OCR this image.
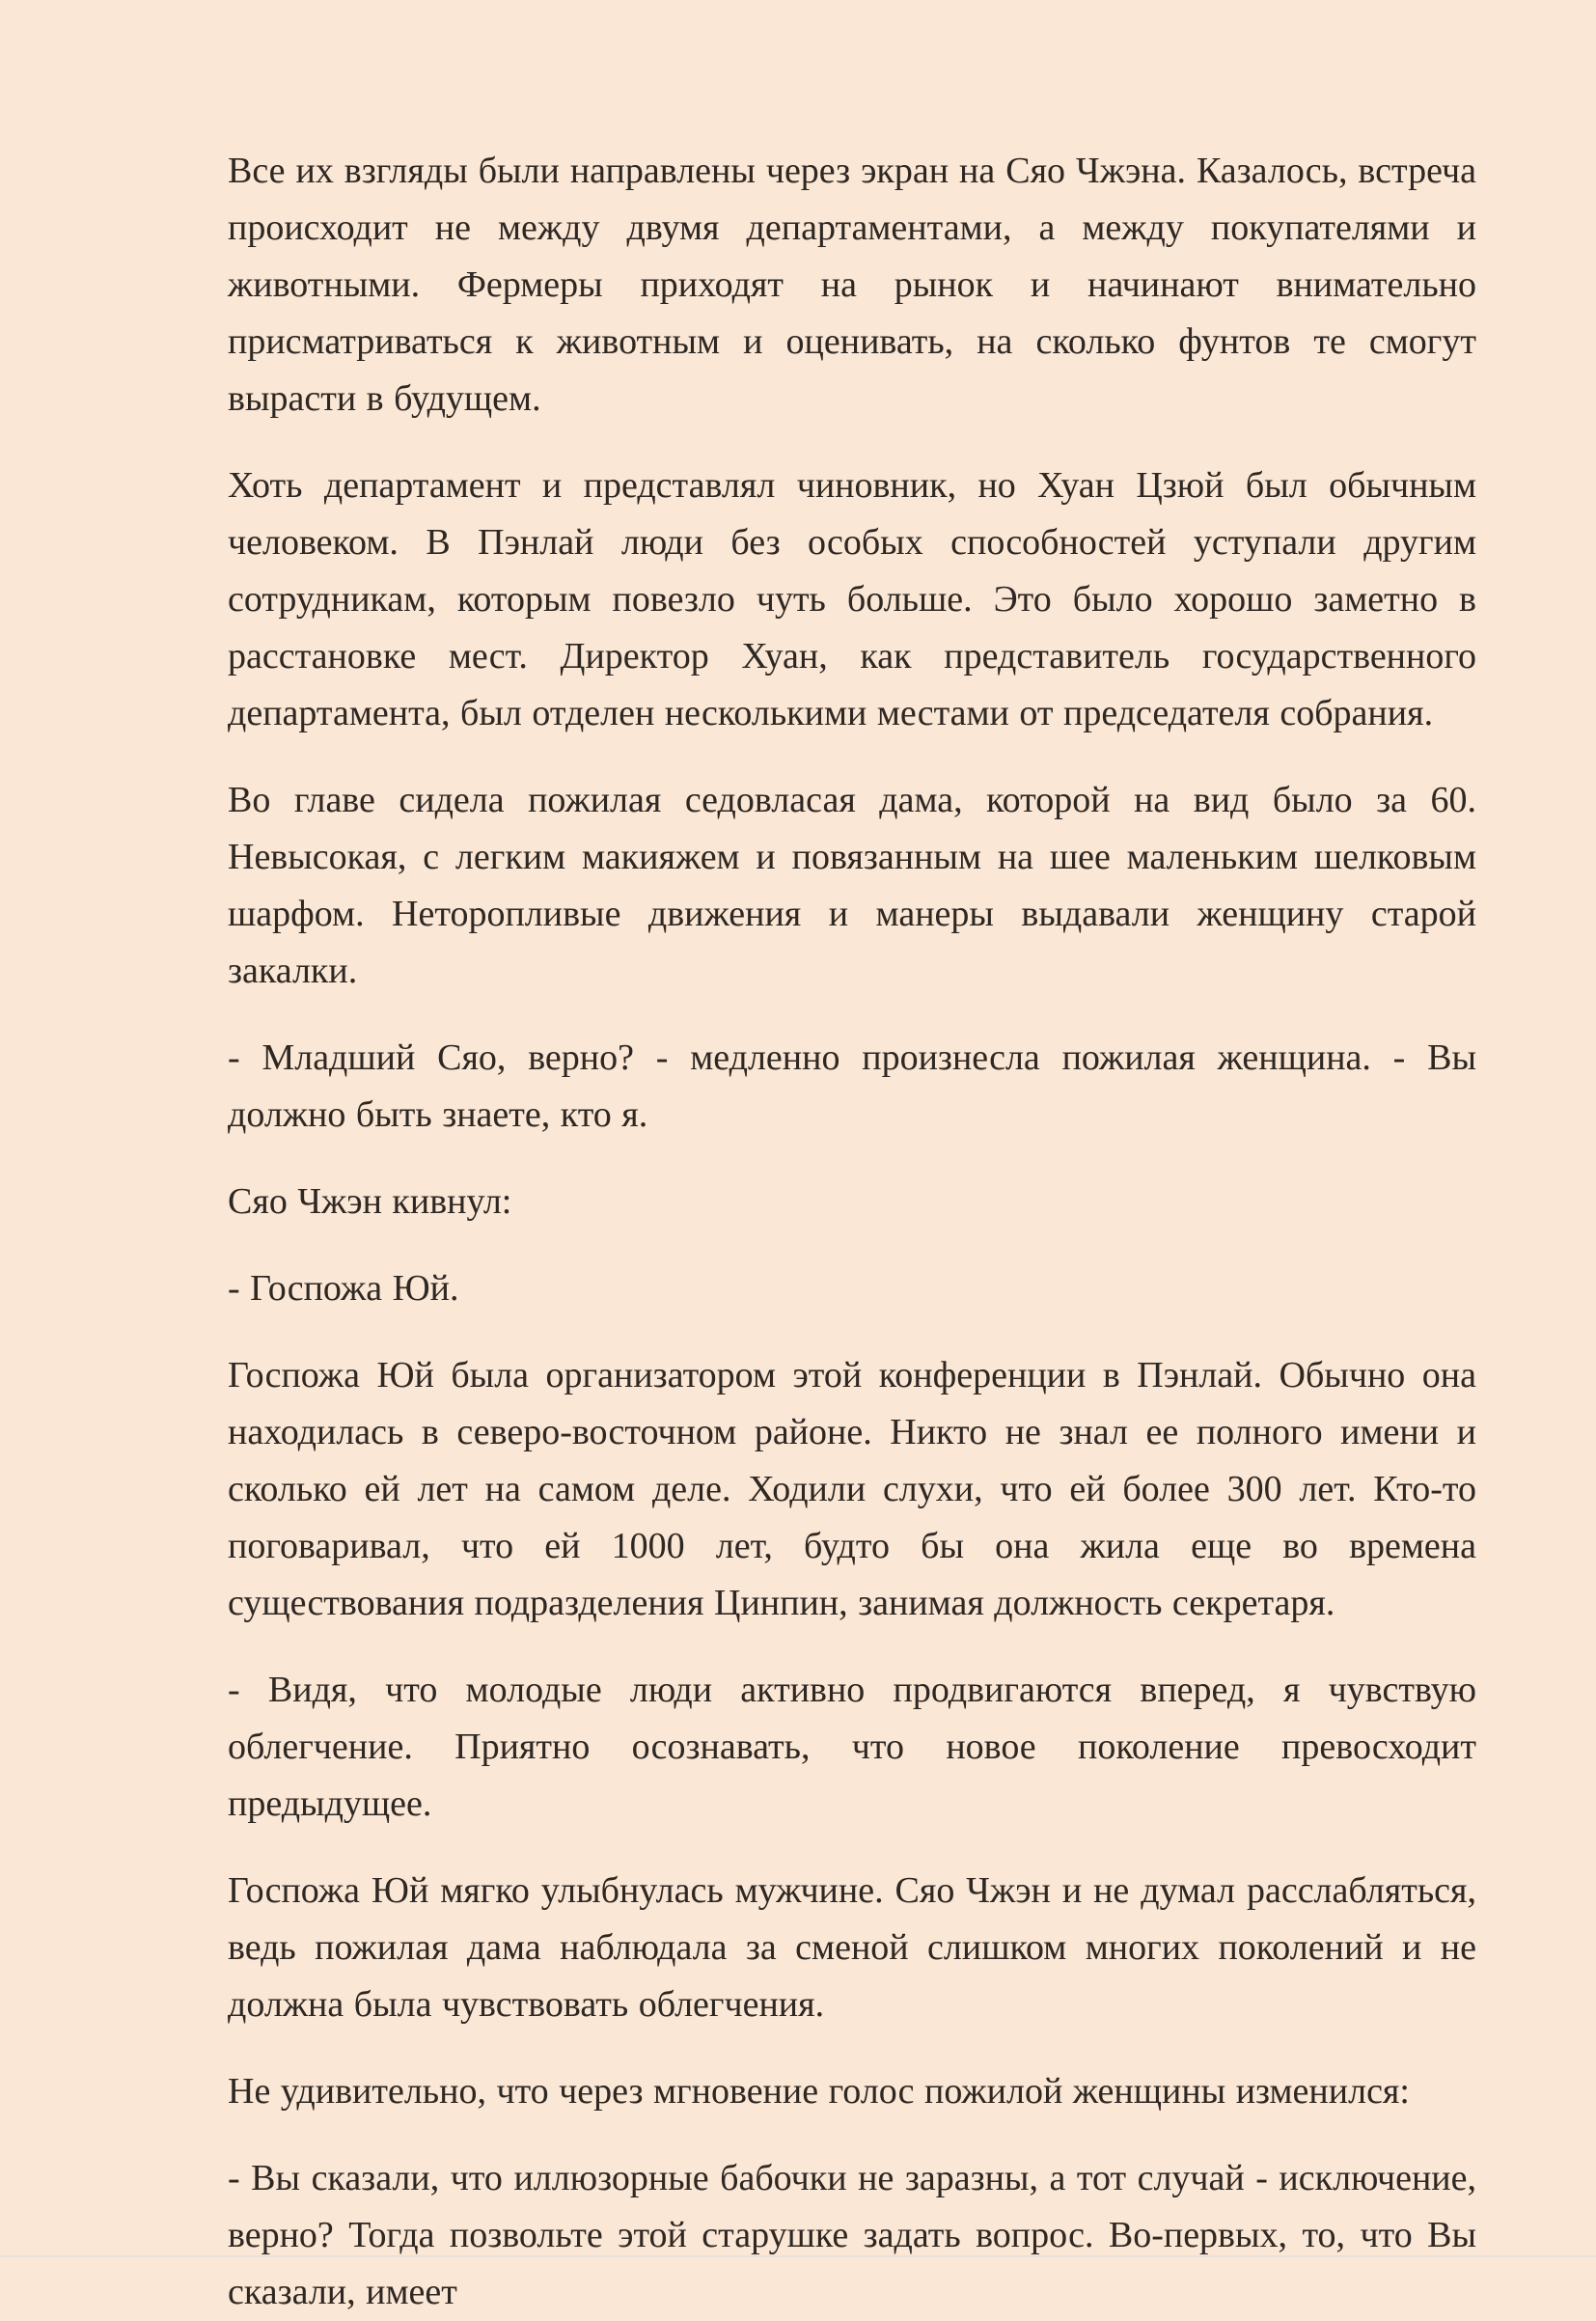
Все их взгляды были направлены через экран на Сяо Чжэна. Казалось, встреча происходит не между двумя департаментами, а между покупателями и животными. Фермеры приходят на рынок и начинают внимательно присматриваться к животным и оценивать, на сколько фунтов те смогут вырасти в будущем.

Хоть департамент и представлял чиновник, но Хуан Цзюй был обычным человеком. В Пэнлай люди без особых способностей уступали другим сотрудникам, которым повезло чуть больше. Это было хорошо заметно в расстановке мест. Директор Хуан, как представитель государственного департамента, был отделен несколькими местами от председателя собрания.

Во главе сидела пожилая седовласая дама, которой на вид было за 60. Невысокая, с легким макияжем и повязанным на шее маленьким шелковым шарфом. Неторопливые движения и манеры выдавали женщину старой закалки.

- Младший Сяо, верно? - медленно произнесла пожилая женщина. - Вы должно быть знаете, кто я.

Сяо Чжэн кивнул:

- Госпожа Юй.

Госпожа Юй была организатором этой конференции в Пэнлай. Обычно она находилась в северо-восточном районе. Никто не знал ее полного имени и сколько ей лет на самом деле. Ходили слухи, что ей более 300 лет. Кто-то поговаривал, что ей 1000 лет, будто бы она жила еще во времена существования подразделения Цинпин, занимая должность секретаря.

- Видя, что молодые люди активно продвигаются вперед, я чувствую облегчение. Приятно осознавать, что новое поколение превосходит предыдущее.

Госпожа Юй мягко улыбнулась мужчине. Сяо Чжэн и не думал расслабляться, ведь пожилая дама наблюдала за сменой слишком многих поколений и не должна была чувствовать облегчения.

Не удивительно, что через мгновение голос пожилой женщины изменился:

- Вы сказали, что иллюзорные бабочки не заразны, а тот случай - исключение, верно? Тогда позвольте этой старушке задать вопрос. Во-первых, то, что Вы сказали, имеет
